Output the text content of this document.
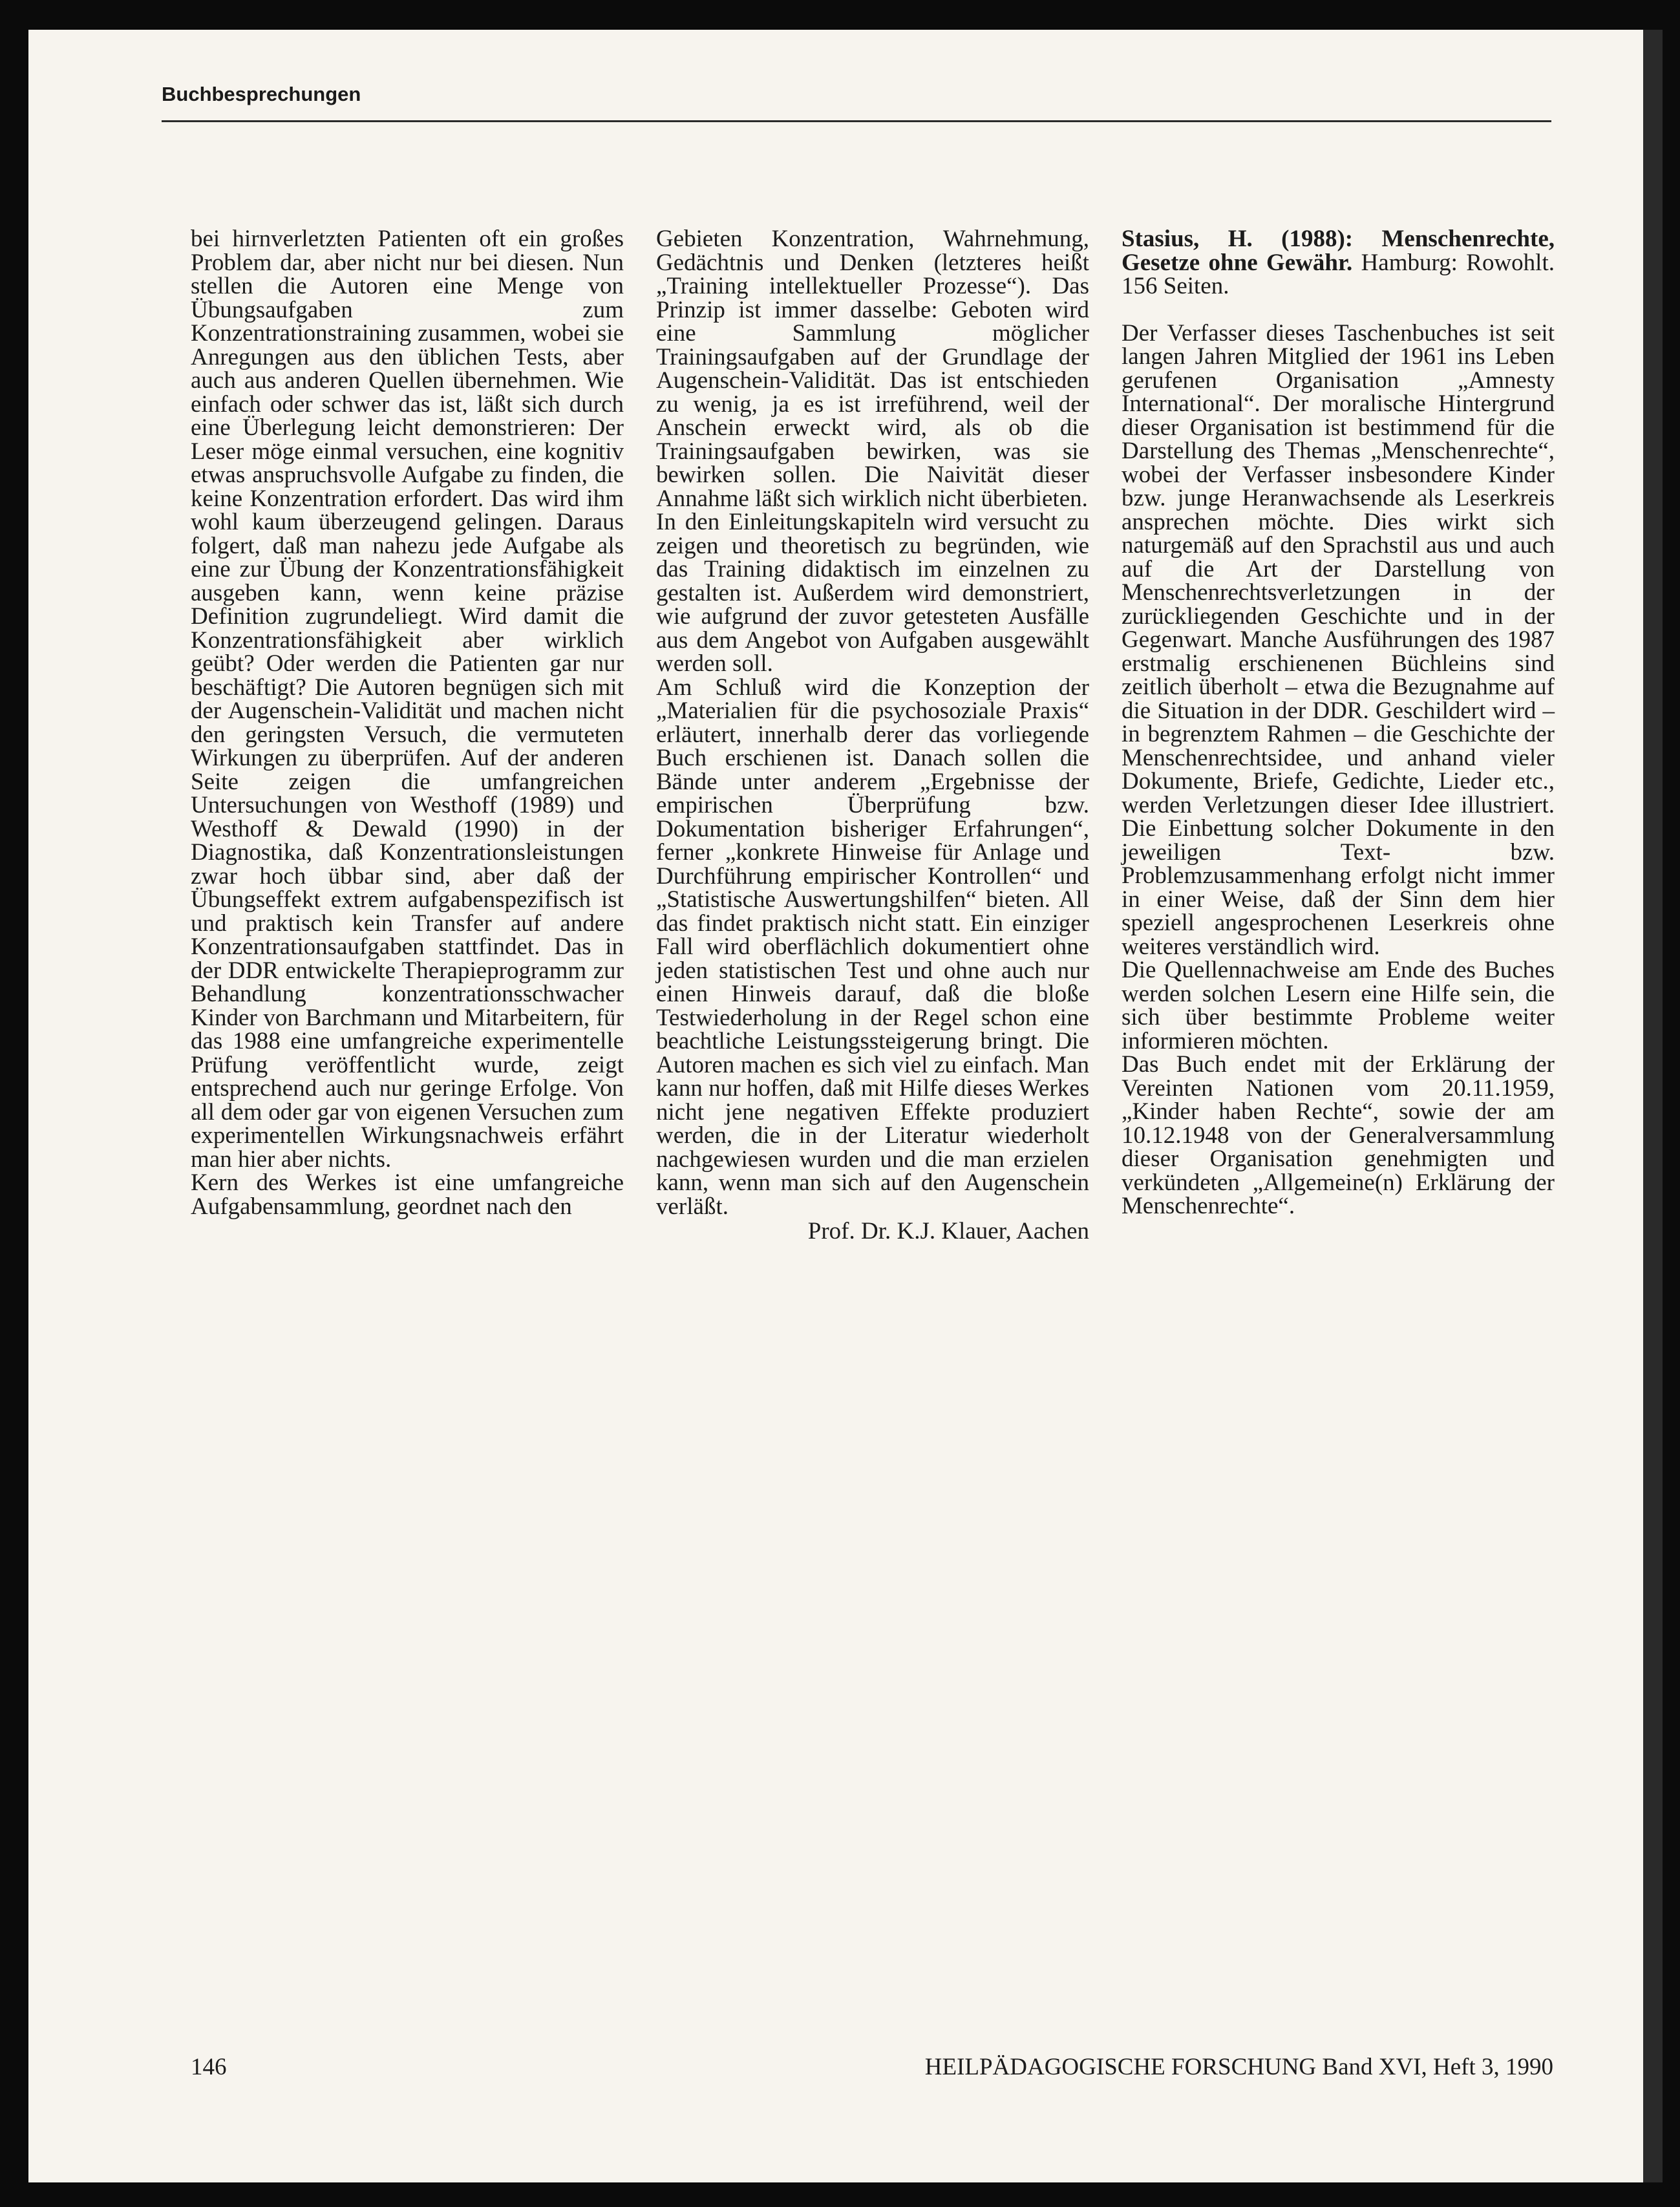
Buchbesprechungen

bei hirnverletzten Patienten oft ein großes Problem dar, aber nicht nur bei diesen. Nun stellen die Autoren eine Menge von Übungsaufgaben zum Konzentrationstraining zusammen, wobei sie Anregungen aus den üblichen Tests, aber auch aus anderen Quellen übernehmen. Wie einfach oder schwer das ist, läßt sich durch eine Überlegung leicht demonstrieren: Der Leser möge einmal versuchen, eine kognitiv etwas anspruchsvolle Aufgabe zu finden, die keine Konzentration erfordert. Das wird ihm wohl kaum überzeugend gelingen. Daraus folgert, daß man nahezu jede Aufgabe als eine zur Übung der Konzentrationsfähigkeit ausgeben kann, wenn keine präzise Definition zugrundeliegt. Wird damit die Konzentrationsfähigkeit aber wirklich geübt? Oder werden die Patienten gar nur beschäftigt? Die Autoren begnügen sich mit der Augenschein-Validität und machen nicht den geringsten Versuch, die vermuteten Wirkungen zu überprüfen. Auf der anderen Seite zeigen die umfangreichen Untersuchungen von Westhoff (1989) und Westhoff & Dewald (1990) in der Diagnostika, daß Konzentrationsleistungen zwar hoch übbar sind, aber daß der Übungseffekt extrem aufgabenspezifisch ist und praktisch kein Transfer auf andere Konzentrationsaufgaben stattfindet. Das in der DDR entwickelte Therapieprogramm zur Behandlung konzentrationsschwacher Kinder von Barchmann und Mitarbeitern, für das 1988 eine umfangreiche experimentelle Prüfung veröffentlicht wurde, zeigt entsprechend auch nur geringe Erfolge. Von all dem oder gar von eigenen Versuchen zum experimentellen Wirkungsnachweis erfährt man hier aber nichts.

Kern des Werkes ist eine umfangreiche Aufgabensammlung, geordnet nach den

Gebieten Konzentration, Wahrnehmung, Gedächtnis und Denken (letzteres heißt „Training intellektueller Prozesse“). Das Prinzip ist immer dasselbe: Geboten wird eine Sammlung möglicher Trainingsaufgaben auf der Grundlage der Augenschein-Validität. Das ist entschieden zu wenig, ja es ist irreführend, weil der Anschein erweckt wird, als ob die Trainingsaufgaben bewirken, was sie bewirken sollen. Die Naivität dieser Annahme läßt sich wirklich nicht überbieten.

In den Einleitungskapiteln wird versucht zu zeigen und theoretisch zu begründen, wie das Training didaktisch im einzelnen zu gestalten ist. Außerdem wird demonstriert, wie aufgrund der zuvor getesteten Ausfälle aus dem Angebot von Aufgaben ausgewählt werden soll.

Am Schluß wird die Konzeption der „Materialien für die psychosoziale Praxis“ erläutert, innerhalb derer das vorliegende Buch erschienen ist. Danach sollen die Bände unter anderem „Ergebnisse der empirischen Überprüfung bzw. Dokumentation bisheriger Erfahrungen“, ferner „konkrete Hinweise für Anlage und Durchführung empirischer Kontrollen“ und „Statistische Auswertungshilfen“ bieten. All das findet praktisch nicht statt. Ein einziger Fall wird oberflächlich dokumentiert ohne jeden statistischen Test und ohne auch nur einen Hinweis darauf, daß die bloße Testwiederholung in der Regel schon eine beachtliche Leistungssteigerung bringt. Die Autoren machen es sich viel zu einfach. Man kann nur hoffen, daß mit Hilfe dieses Werkes nicht jene negativen Effekte produziert werden, die in der Literatur wiederholt nachgewiesen wurden und die man erzielen kann, wenn man sich auf den Augenschein verläßt.

Prof. Dr. K.J. Klauer, Aachen

Stasius, H. (1988): Menschenrechte, Gesetze ohne Gewähr. Hamburg: Rowohlt. 156 Seiten.

Der Verfasser dieses Taschenbuches ist seit langen Jahren Mitglied der 1961 ins Leben gerufenen Organisation „Amnesty International“. Der moralische Hintergrund dieser Organisation ist bestimmend für die Darstellung des Themas „Menschenrechte“, wobei der Verfasser insbesondere Kinder bzw. junge Heranwachsende als Leserkreis ansprechen möchte. Dies wirkt sich naturgemäß auf den Sprachstil aus und auch auf die Art der Darstellung von Menschenrechtsverletzungen in der zurückliegenden Geschichte und in der Gegenwart. Manche Ausführungen des 1987 erstmalig erschienenen Büchleins sind zeitlich überholt – etwa die Bezugnahme auf die Situation in der DDR. Geschildert wird – in begrenztem Rahmen – die Geschichte der Menschenrechtsidee, und anhand vieler Dokumente, Briefe, Gedichte, Lieder etc., werden Verletzungen dieser Idee illustriert. Die Einbettung solcher Dokumente in den jeweiligen Text- bzw. Problemzusammenhang erfolgt nicht immer in einer Weise, daß der Sinn dem hier speziell angesprochenen Leserkreis ohne weiteres verständlich wird.

Die Quellennachweise am Ende des Buches werden solchen Lesern eine Hilfe sein, die sich über bestimmte Probleme weiter informieren möchten.

Das Buch endet mit der Erklärung der Vereinten Nationen vom 20.11.1959, „Kinder haben Rechte“, sowie der am 10.12.1948 von der Generalversammlung dieser Organisation genehmigten und verkündeten „Allgemeine(n) Erklärung der Menschenrechte“.

146	HEILPÄDAGOGISCHE FORSCHUNG Band XVI, Heft 3, 1990
